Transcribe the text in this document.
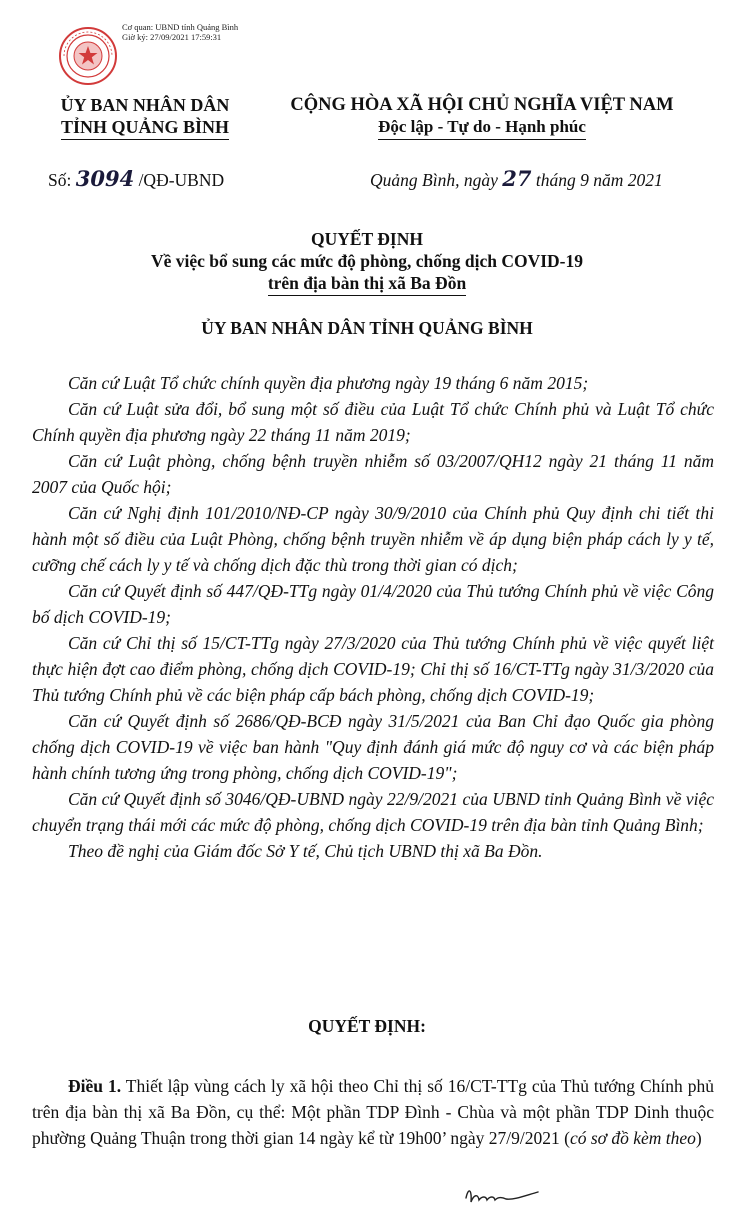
Cơ quan: UBND tỉnh Quảng Bình
Giờ ký: 27/09/2021 17:59:31
ỦY BAN NHÂN DÂN
TỈNH QUẢNG BÌNH
CỘNG HÒA XÃ HỘI CHỦ NGHĨA VIỆT NAM
Độc lập - Tự do - Hạnh phúc
Số: 3094 /QĐ-UBND	Quảng Bình, ngày 27 tháng 9 năm 2021
QUYẾT ĐỊNH
Về việc bổ sung các mức độ phòng, chống dịch COVID-19
trên địa bàn thị xã Ba Đồn
ỦY BAN NHÂN DÂN TỈNH QUẢNG BÌNH

Căn cứ Luật Tổ chức chính quyền địa phương ngày 19 tháng 6 năm 2015;

Căn cứ Luật sửa đổi, bổ sung một số điều của Luật Tổ chức Chính phủ và Luật Tổ chức Chính quyền địa phương ngày 22 tháng 11 năm 2019;

Căn cứ Luật phòng, chống bệnh truyền nhiễm số 03/2007/QH12 ngày 21 tháng 11 năm 2007 của Quốc hội;

Căn cứ Nghị định 101/2010/NĐ-CP ngày 30/9/2010 của Chính phủ Quy định chi tiết thi hành một số điều của Luật Phòng, chống bệnh truyền nhiễm về áp dụng biện pháp cách ly y tế, cưỡng chế cách ly y tế và chống dịch đặc thù trong thời gian có dịch;

Căn cứ Quyết định số 447/QĐ-TTg ngày 01/4/2020 của Thủ tướng Chính phủ về việc Công bố dịch COVID-19;

Căn cứ Chỉ thị số 15/CT-TTg ngày 27/3/2020 của Thủ tướng Chính phủ về việc quyết liệt thực hiện đợt cao điểm phòng, chống dịch COVID-19; Chỉ thị số 16/CT-TTg ngày 31/3/2020 của Thủ tướng Chính phủ về các biện pháp cấp bách phòng, chống dịch COVID-19;

Căn cứ Quyết định số 2686/QĐ-BCĐ ngày 31/5/2021 của Ban Chỉ đạo Quốc gia phòng chống dịch COVID-19 về việc ban hành "Quy định đánh giá mức độ nguy cơ và các biện pháp hành chính tương ứng trong phòng, chống dịch COVID-19";

Căn cứ Quyết định số 3046/QĐ-UBND ngày 22/9/2021 của UBND tỉnh Quảng Bình về việc chuyển trạng thái mới các mức độ phòng, chống dịch COVID-19 trên địa bàn tỉnh Quảng Bình;

Theo đề nghị của Giám đốc Sở Y tế, Chủ tịch UBND thị xã Ba Đồn.

QUYẾT ĐỊNH:

Điều 1. Thiết lập vùng cách ly xã hội theo Chỉ thị số 16/CT-TTg của Thủ tướng Chính phủ trên địa bàn thị xã Ba Đồn, cụ thể: Một phần TDP Đình - Chùa và một phần TDP Dinh thuộc phường Quảng Thuận trong thời gian 14 ngày kể từ 19h00’ ngày 27/9/2021 (có sơ đồ kèm theo)
